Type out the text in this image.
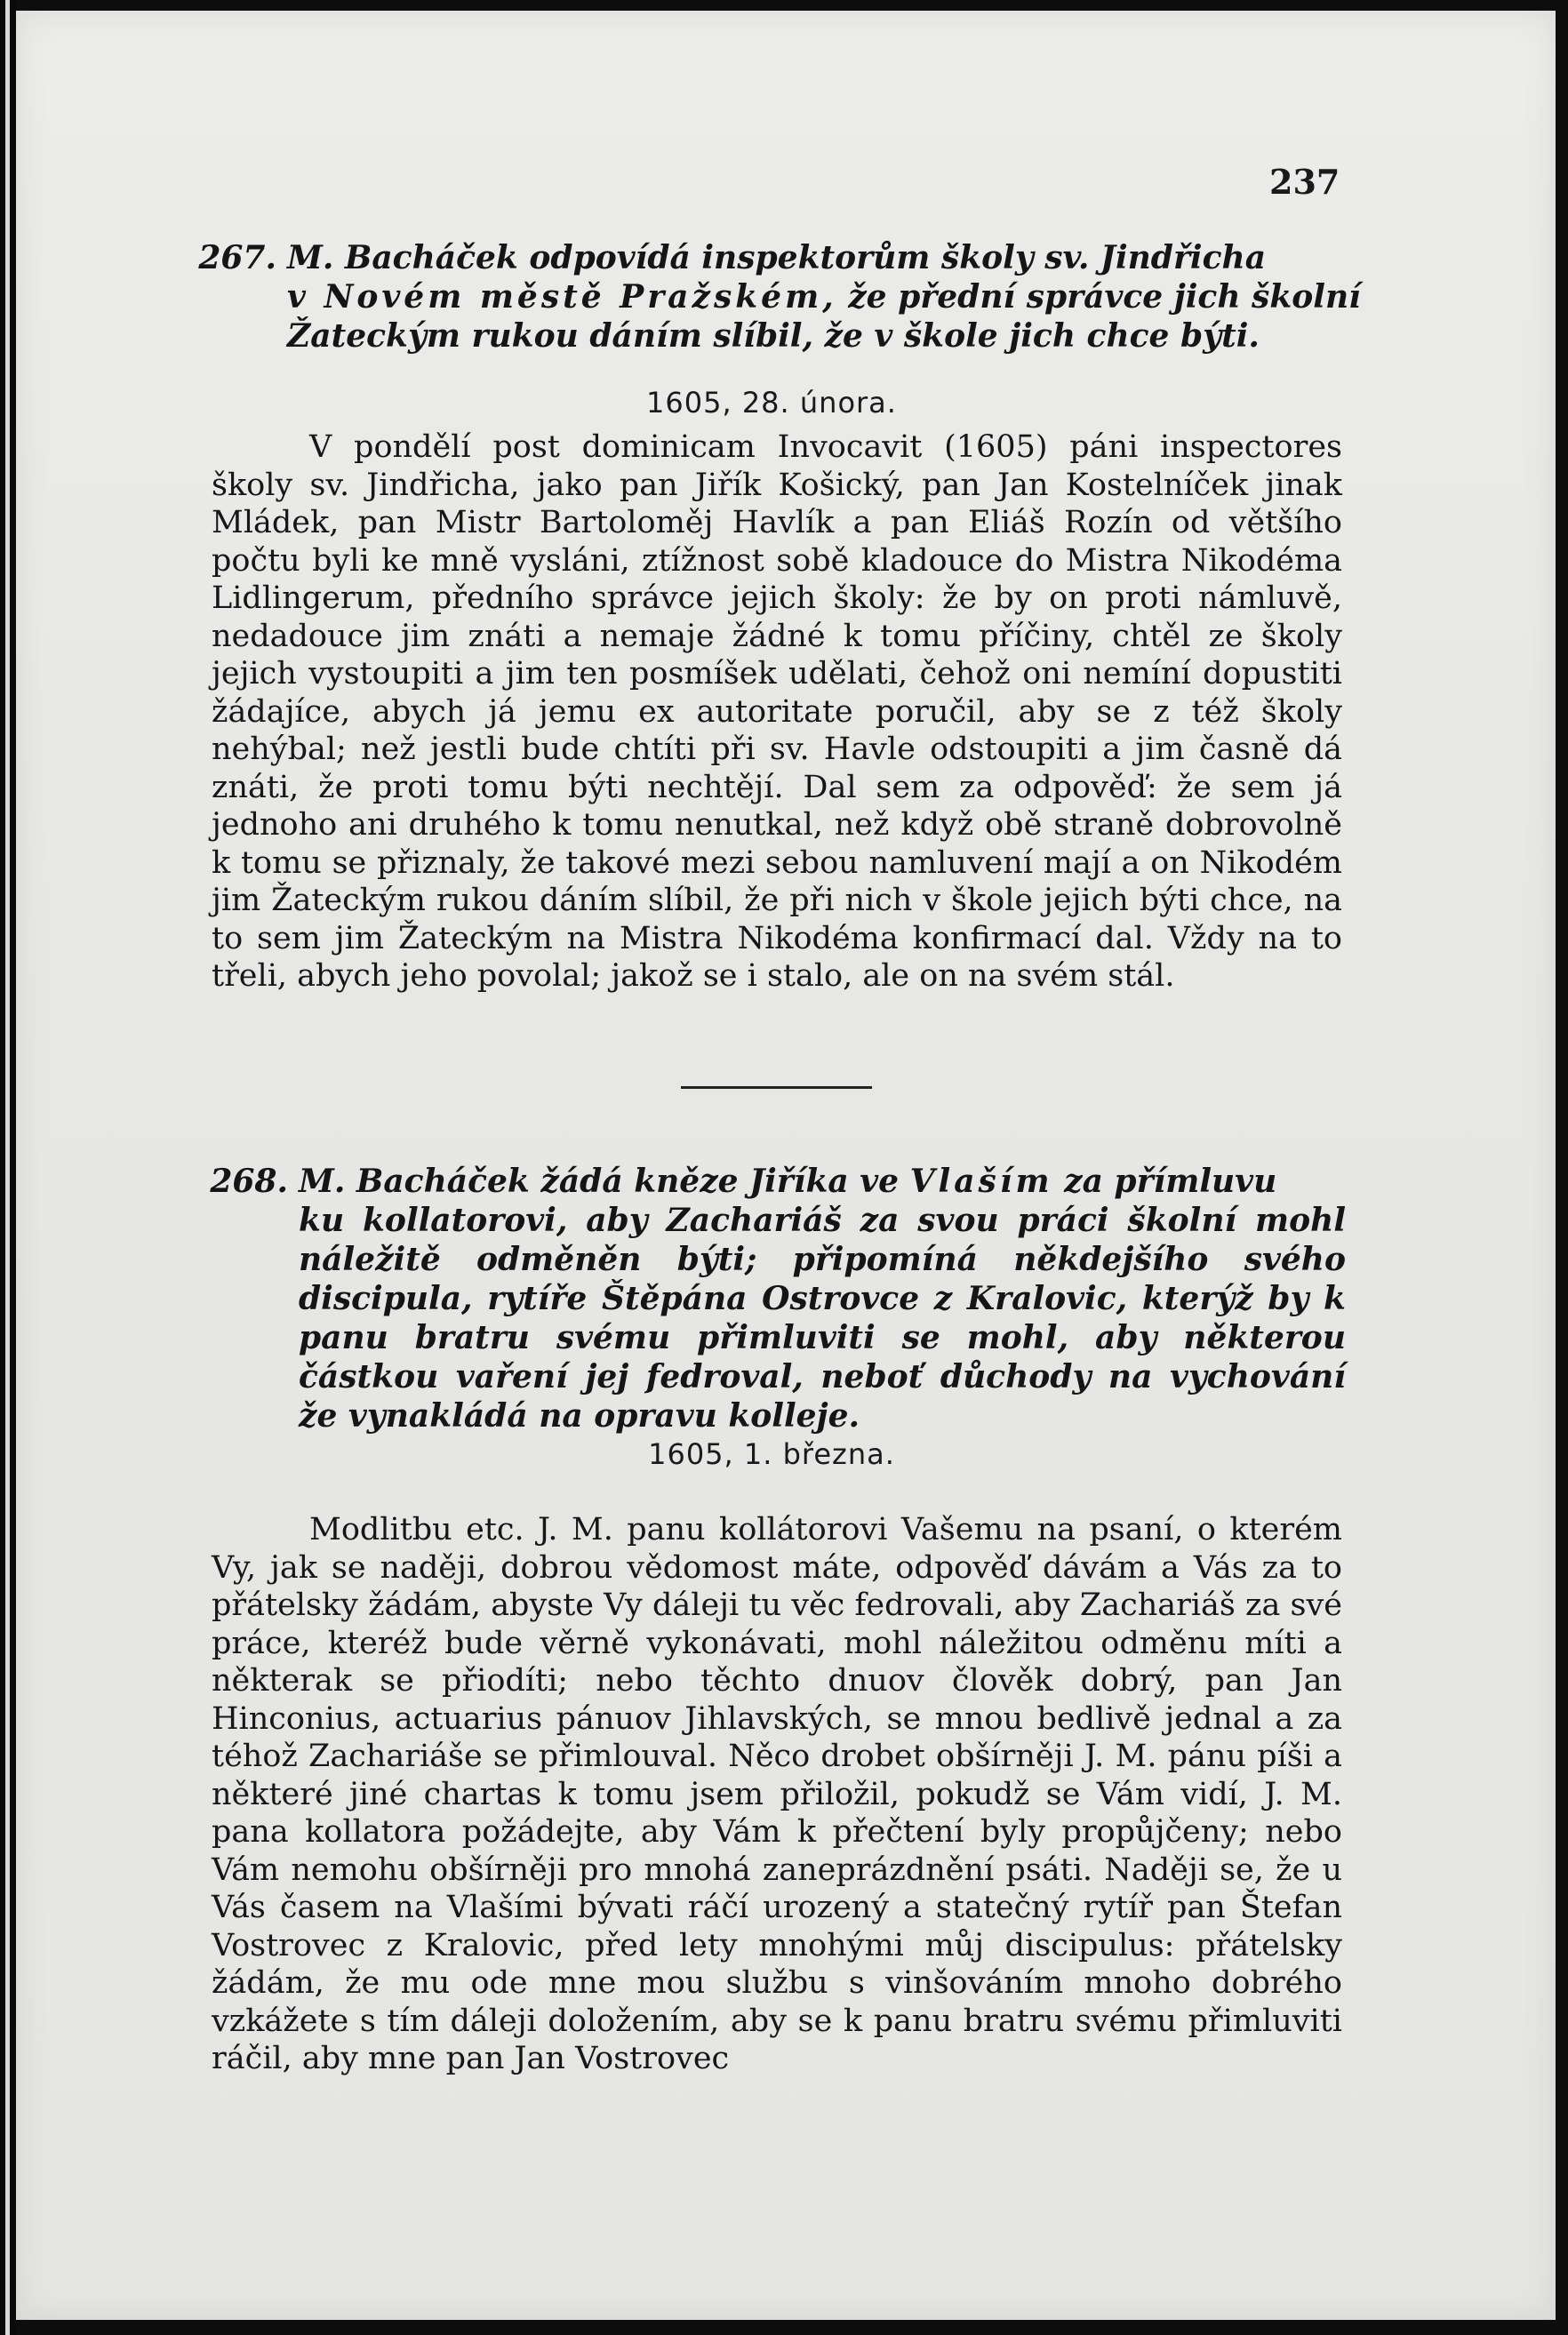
237
267. M. Bacháček odpovídá inspektorům školy sv. Jindřicha
v Novém městě Pražském, že přední správce jich školní
Žateckým rukou dáním slíbil, že v škole jich chce býti.
1605, 28. února.

V pondělí post dominicam Invocavit (1605) páni inspectores školy sv. Jindřicha, jako pan Jiřík Košický, pan Jan Kostelníček jinak Mládek, pan Mistr Bartoloměj Havlík a pan Eliáš Rozín od většího počtu byli ke mně vysláni, ztížnost sobě kladouce do Mistra Nikodéma Lidlingerum, předního správce jejich školy: že by on proti námluvě, nedadouce jim znáti a nemaje žádné k tomu příčiny, chtěl ze školy jejich vystoupiti a jim ten posmíšek udělati, čehož oni nemíní dopustiti žádajíce, abych já jemu ex autoritate poručil, aby se z též školy nehýbal; než jestli bude chtíti při sv. Havle odstoupiti a jim časně dá znáti, že proti tomu býti nechtějí. Dal sem za odpověď: že sem já jednoho ani druhého k tomu nenutkal, než když obě straně dobrovolně k tomu se přiznaly, že takové mezi sebou namluvení mají a on Nikodém jim Žateckým rukou dáním slíbil, že při nich v škole jejich býti chce, na to sem jim Žateckým na Mistra Nikodéma konfirmací dal. Vždy na to třeli, abych jeho povolal; jakož se i stalo, ale on na svém stál.

268. M. Bacháček žádá kněze Jiříka ve Vlaším za přímluvu
ku kollatorovi, aby Zachariáš za svou práci školní mohl náležitě odměněn býti; připomíná někdejšího svého discipula, rytíře Štěpána Ostrovce z Kralovic, kterýž by k panu bratru svému přimluviti se mohl, aby některou částkou vaření jej fedroval, neboť důchody na vychování že vynakládá na opravu kolleje.
1605, 1. března.

Modlitbu etc. J. M. panu kollátorovi Vašemu na psaní, o kterém Vy, jak se naději, dobrou vědomost máte, odpověď dávám a Vás za to přátelsky žádám, abyste Vy dáleji tu věc fedrovali, aby Zachariáš za své práce, kteréž bude věrně vykonávati, mohl náležitou odměnu míti a některak se přiodíti; nebo těchto dnuov člověk dobrý, pan Jan Hinconius, actuarius pánuov Jihlavských, se mnou bedlivě jednal a za téhož Zachariáše se přimlouval. Něco drobet obšírněji J. M. pánu píši a některé jiné chartas k tomu jsem přiložil, pokudž se Vám vidí, J. M. pana kollatora požádejte, aby Vám k přečtení byly propůjčeny; nebo Vám nemohu obšírněji pro mnohá zaneprázdnění psáti. Naději se, že u Vás časem na Vlašími bývati ráčí urozený a statečný rytíř pan Štefan Vostrovec z Kralovic, před lety mnohými můj discipulus: přátelsky žádám, že mu ode mne mou službu s vinšováním mnoho dobrého vzkážete s tím dáleji doložením, aby se k panu bratru svému přimluviti ráčil, aby mne pan Jan Vostrovec
